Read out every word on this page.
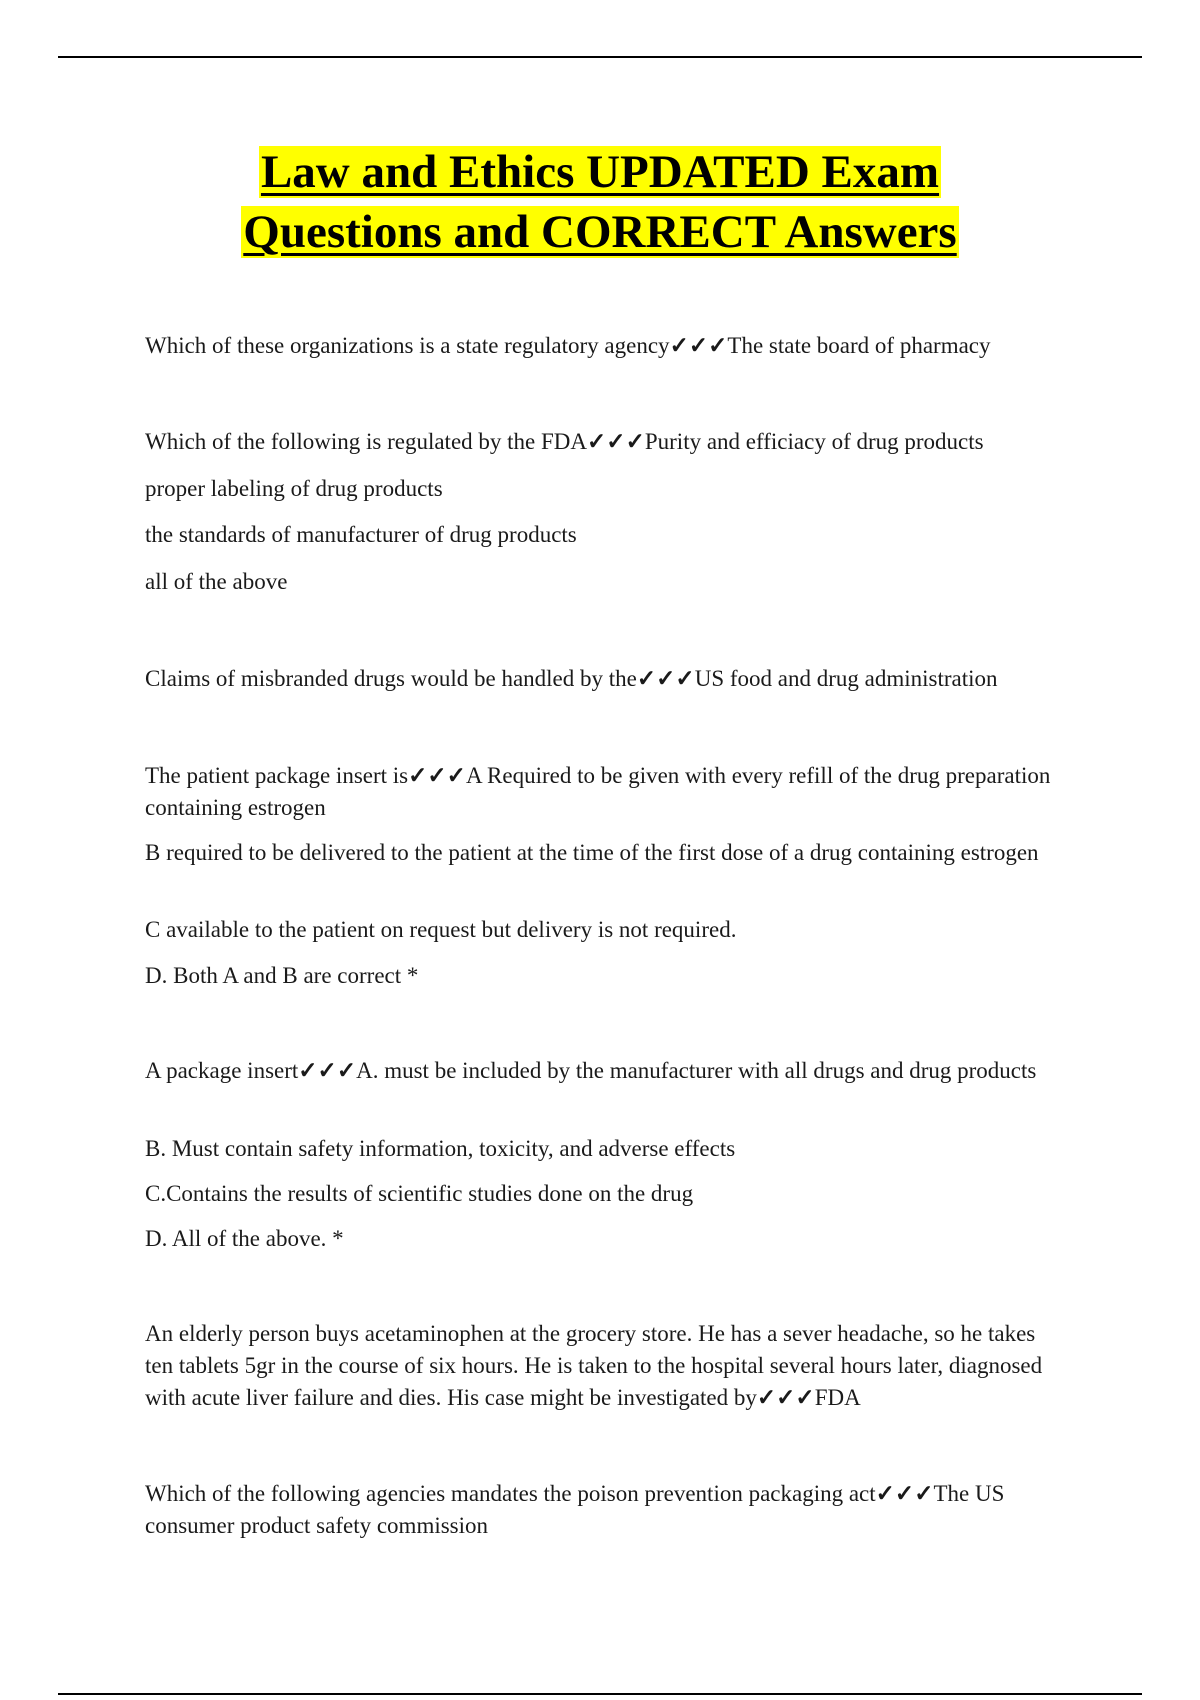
Law and Ethics UPDATED Exam
Questions and CORRECT Answers

Which of these organizations is a state regulatory agency✓✓✓The state board of pharmacy

Which of the following is regulated by the FDA✓✓✓Purity and efficiacy of drug products

proper labeling of drug products

the standards of manufacturer of drug products

all of the above

Claims of misbranded drugs would be handled by the✓✓✓US food and drug administration

The patient package insert is✓✓✓A Required to be given with every refill of the drug preparation containing estrogen

B required to be delivered to the patient at the time of the first dose of a drug containing estrogen

C available to the patient on request but delivery is not required.

D. Both A and B are correct *

A package insert✓✓✓A. must be included by the manufacturer with all drugs and drug products

B. Must contain safety information, toxicity, and adverse effects

C.Contains the results of scientific studies done on the drug

D. All of the above. *

An elderly person buys acetaminophen at the grocery store. He has a sever headache, so he takes ten tablets 5gr in the course of six hours. He is taken to the hospital several hours later, diagnosed with acute liver failure and dies. His case might be investigated by✓✓✓FDA

Which of the following agencies mandates the poison prevention packaging act✓✓✓The US consumer product safety commission
